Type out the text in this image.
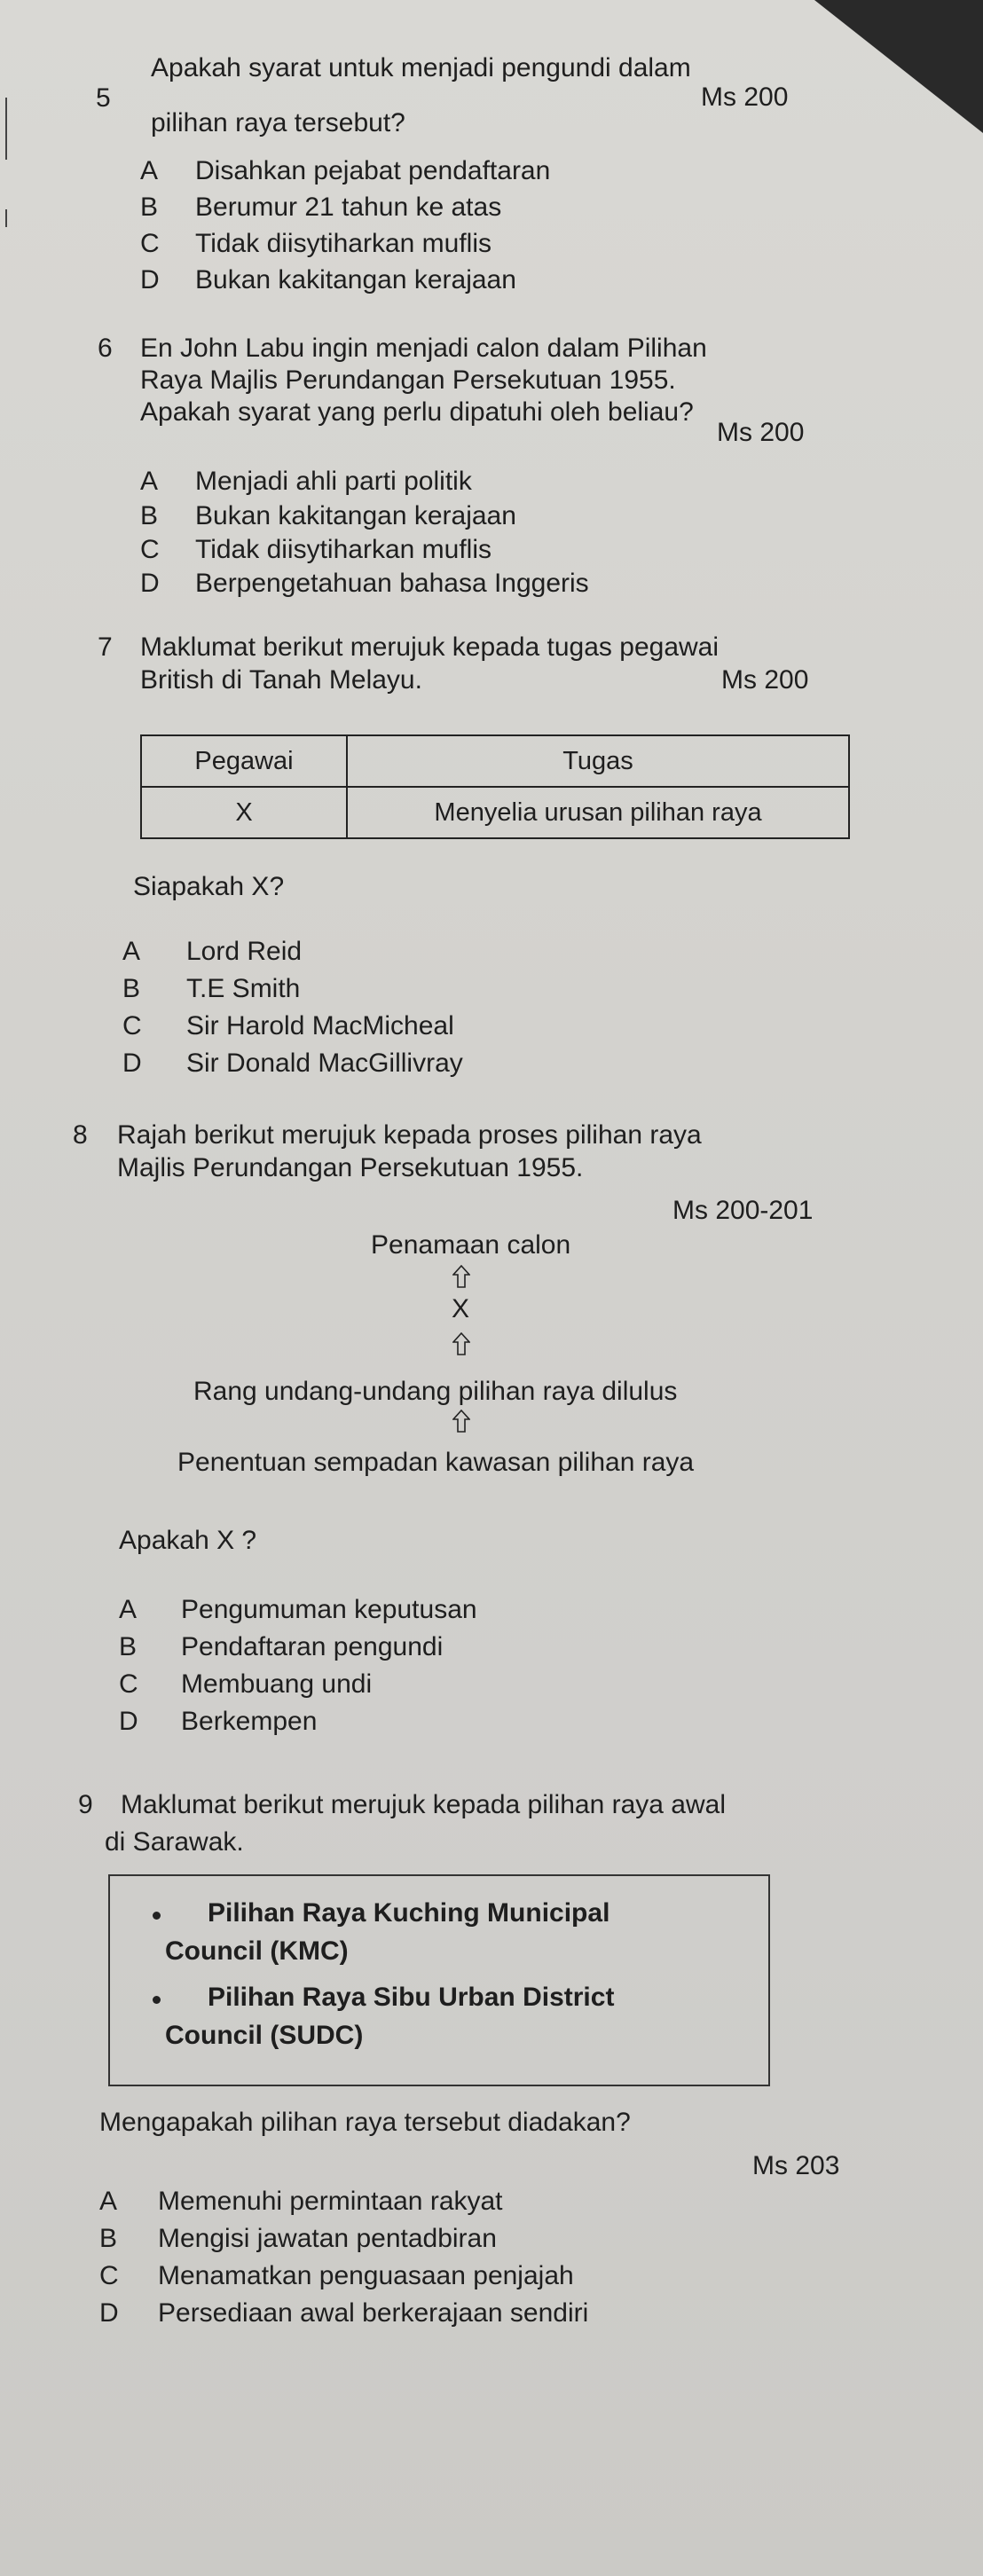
5
Apakah syarat untuk menjadi pengundi dalam
pilihan raya tersebut?
Ms 200
A Disahkan pejabat pendaftaran
B Berumur 21 tahun ke atas
C Tidak diisytiharkan muflis
D Bukan kakitangan kerajaan
6 En John Labu ingin menjadi calon dalam Pilihan
Raya Majlis Perundangan Persekutuan 1955.
Apakah syarat yang perlu dipatuhi oleh beliau?
Ms 200
A Menjadi ahli parti politik
B Bukan kakitangan kerajaan
C Tidak diisytiharkan muflis
D Berpengetahuan bahasa Inggeris
7 Maklumat berikut merujuk kepada tugas pegawai
British di Tanah Melayu.	Ms 200
Pegawai	Tugas
X	Menyelia urusan pilihan raya
Siapakah X?
A Lord Reid
B T.E Smith
C Sir Harold MacMicheal
D Sir Donald MacGillivray
8 Rajah berikut merujuk kepada proses pilihan raya
Majlis Perundangan Persekutuan 1955.
Ms 200-201
Penamaan calon
X
Rang undang-undang pilihan raya dilulus
Penentuan sempadan kawasan pilihan raya
Apakah X ?
A Pengumuman keputusan
B Pendaftaran pengundi
C Membuang undi
D Berkempen
9 Maklumat berikut merujuk kepada pilihan raya awal
di Sarawak.
Pilihan Raya Kuching Municipal
Council (KMC)
Pilihan Raya Sibu Urban District
Council (SUDC)
Mengapakah pilihan raya tersebut diadakan?
Ms 203
A Memenuhi permintaan rakyat
B Mengisi jawatan pentadbiran
C Menamatkan penguasaan penjajah
D Persediaan awal berkerajaan sendiri
